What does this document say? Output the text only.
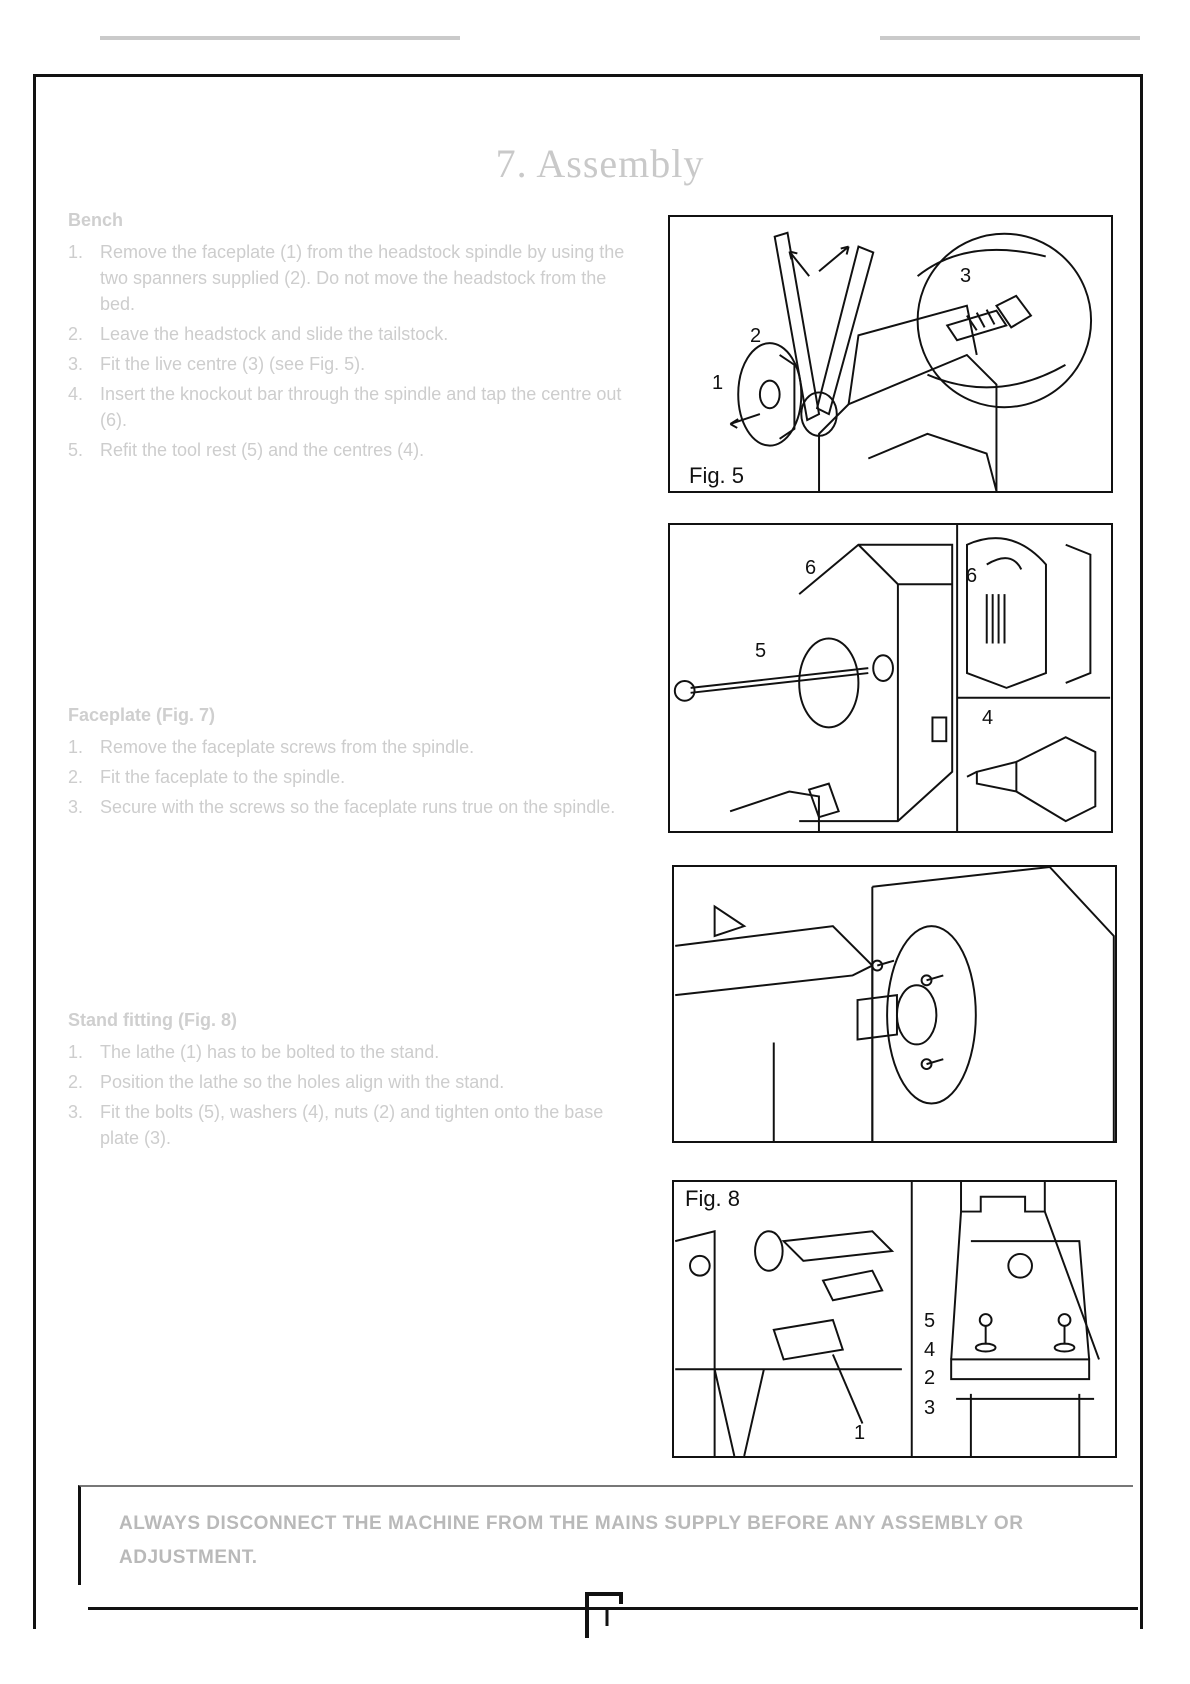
7. Assembly
Bench
1. Remove the faceplate (1) from the headstock spindle by using the two spanners supplied (2). Do not move the headstock from the bed.
2. Leave the headstock and slide the tailstock.
3. Fit the live centre (3) (see Fig. 5).
4. Insert the knockout bar through the spindle and tap the centre out (6).
5. Refit the tool rest (5) and the centres (4).
Faceplate (Fig. 7)
1. Remove the faceplate screws from the spindle.
2. Fit the faceplate to the spindle.
3. Secure with the screws so the faceplate runs true on the spindle.
Stand fitting (Fig. 8)
1. The lathe (1) has to be bolted to the stand.
2. Position the lathe so the holes align with the stand.
3. Fit the bolts (5), washers (4), nuts (2) and tighten onto the base plate (3).
1
2
3
Fig. 5
6
5
6
4
Fig. 8
5
4
2
3
1
ALWAYS DISCONNECT THE MACHINE FROM THE MAINS SUPPLY BEFORE ANY ASSEMBLY OR ADJUSTMENT.
